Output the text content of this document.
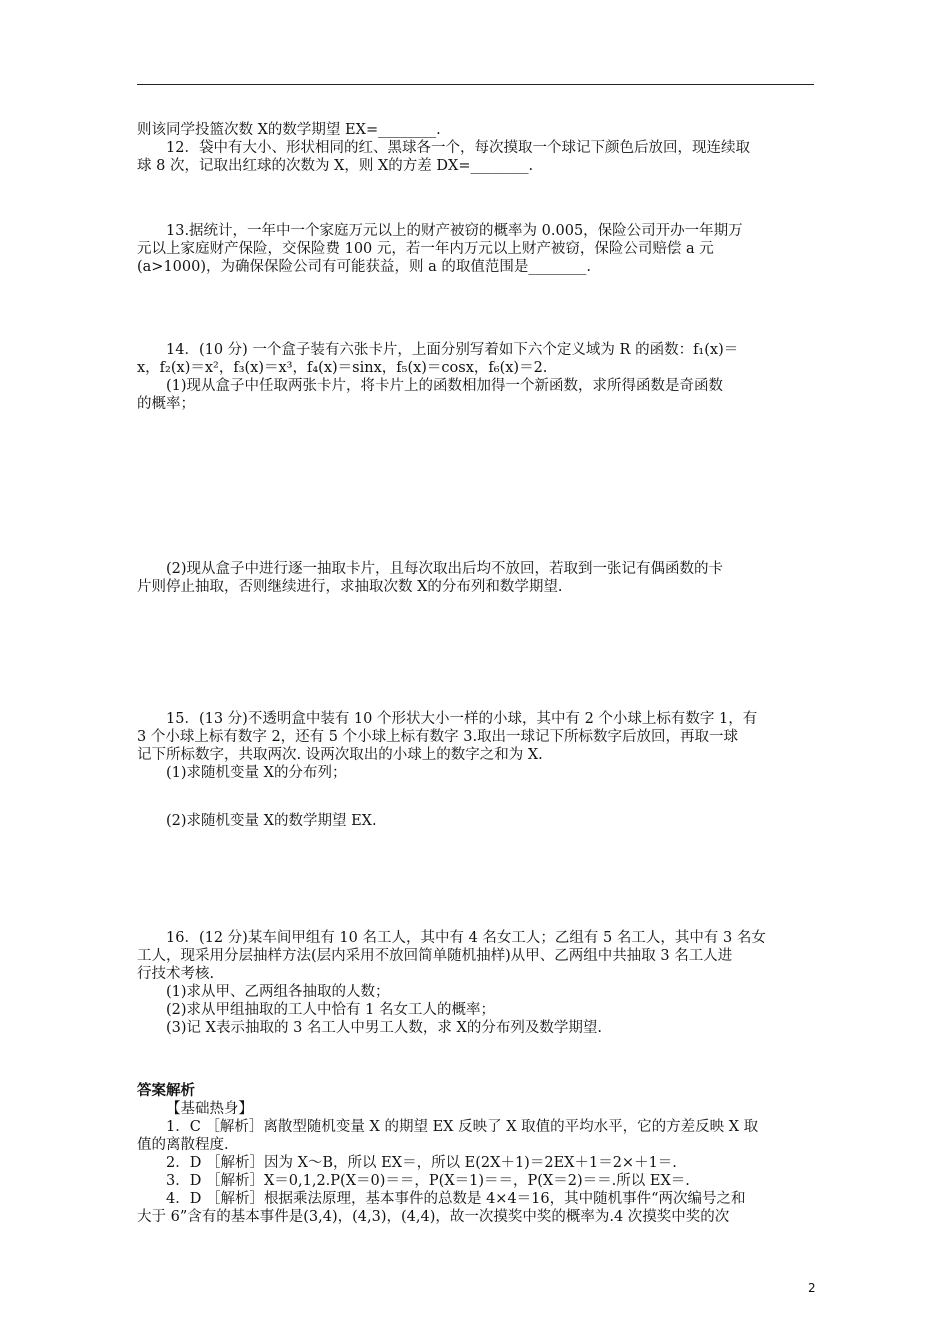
则该同学投篮次数 X的数学期望 EX=________.

12．袋中有大小、形状相同的红、黑球各一个，每次摸取一个球记下颜色后放回，现连续取

球 8 次，记取出红球的次数为 X，则 X的方差 DX=________.

13.据统计，一年中一个家庭万元以上的财产被窃的概率为 0.005，保险公司开办一年期万

元以上家庭财产保险，交保险费 100 元，若一年内万元以上财产被窃，保险公司赔偿 a 元

(a>1000)，为确保保险公司有可能获益，则 a 的取值范围是________.

14．(10 分) 一个盒子装有六张卡片，上面分别写着如下六个定义域为 R 的函数：f₁(x)＝

x，f₂(x)＝x²，f₃(x)＝x³，f₄(x)＝sinx，f₅(x)＝cosx，f₆(x)＝2.

(1)现从盒子中任取两张卡片，将卡片上的函数相加得一个新函数，求所得函数是奇函数

的概率；

(2)现从盒子中进行逐一抽取卡片，且每次取出后均不放回，若取到一张记有偶函数的卡

片则停止抽取，否则继续进行，求抽取次数 X的分布列和数学期望.

15．(13 分)不透明盒中装有 10 个形状大小一样的小球，其中有 2 个小球上标有数字 1，有

3 个小球上标有数字 2，还有 5 个小球上标有数字 3.取出一球记下所标数字后放回，再取一球

记下所标数字，共取两次. 设两次取出的小球上的数字之和为 X.

(1)求随机变量 X的分布列；

(2)求随机变量 X的数学期望 EX.

16．(12 分)某车间甲组有 10 名工人，其中有 4 名女工人；乙组有 5 名工人，其中有 3 名女

工人，现采用分层抽样方法(层内采用不放回简单随机抽样)从甲、乙两组中共抽取 3 名工人进

行技术考核.

(1)求从甲、乙两组各抽取的人数；

(2)求从甲组抽取的工人中恰有 1 名女工人的概率；

(3)记 X表示抽取的 3 名工人中男工人数，求 X的分布列及数学期望.

答案解析

【基础热身】

1．C ［解析］离散型随机变量 X 的期望 EX 反映了 X 取值的平均水平，它的方差反映 X 取

值的离散程度.

2．D ［解析］因为 X～B，所以 EX＝，所以 E(2X＋1)＝2EX＋1＝2×＋1＝.

3．D ［解析］X＝0,1,2.P(X＝0)＝＝，P(X＝1)＝＝，P(X＝2)＝＝.所以 EX＝.

4．D ［解析］根据乘法原理，基本事件的总数是 4×4＝16，其中随机事件“两次编号之和

大于 6”含有的基本事件是(3,4)，(4,3)，(4,4)，故一次摸奖中奖的概率为.4 次摸奖中奖的次

2
